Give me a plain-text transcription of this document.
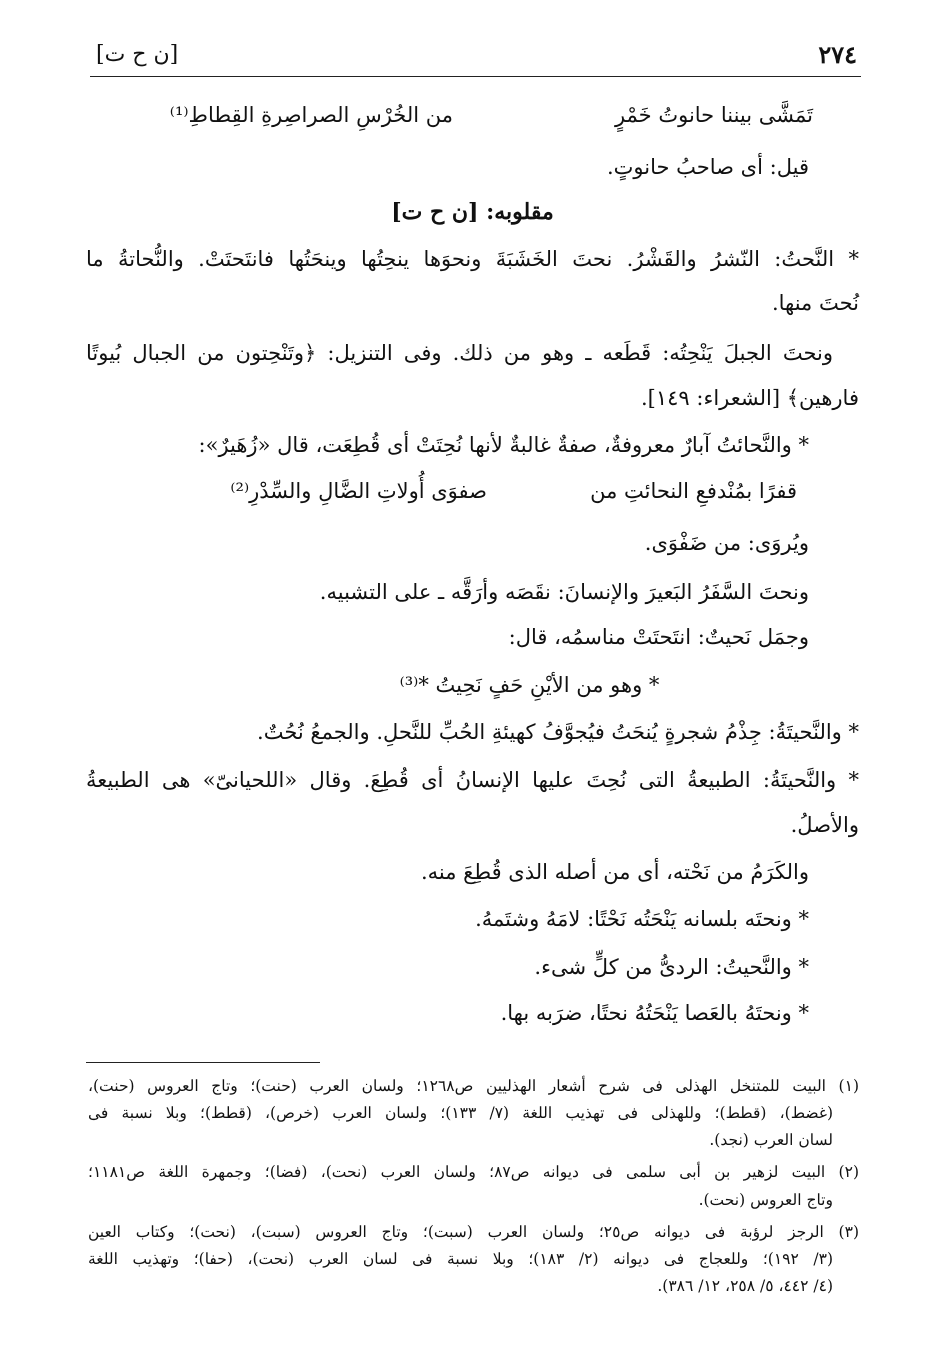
٢٧٤
[ن ح ت]
تَمَشَّى بيننا حانوتُ خَمْرٍ
من الخُرْسِ الصراصِرةِ القِطاطِ⁽¹⁾
قيل: أى صاحبُ حانوتٍ.
مقلوبه: [ن ح ت]
* النَّحتُ: النّشرُ والقَشْرُ. نحتَ الخَشَبَةَ ونحوَها ينحِتُها وينحَتُها فانتَحتَتْ. والنُّحاتةُ ما
نُحتَ منها.
ونحتَ الجبلَ يَنْحِتُه: قَطَعه ـ وهو من ذلك. وفى التنزيل: ﴿وتَنْحِتون من الجبال بُيوتًا
فارهين﴾ [الشعراء: ١٤٩].
* والنَّحائتُ آبارٌ معروفةٌ، صفةٌ غالبةٌ لأنها نُحِتَتْ أى قُطِعَت، قال «زُهَيرٌ»:
قفرًا بمُنْدفعِ النحائتِ من
صفوَى أُولاتِ الضَّالِ والسِّدْرِ⁽²⁾
ويُروَى: من ضَفْوَى.
ونحتَ السَّفَرُ البَعيرَ والإنسانَ: نقَصَه وأرَقَّه ـ على التشبيه.
وجمَل نَحيتٌ: انتَحتَتْ مناسمُه، قال:
* وهو من الأيْنِ حَفٍ نَحِيتُ *⁽³⁾
* والنَّحيتَةُ: جِذْمُ شجرةٍ يُنحَتُ فيُجوَّفُ كهيئةِ الحُبِّ للنَّحلِ. والجمعُ نُحُتٌ.
* والنَّحيتَةُ: الطبيعةُ التى نُحِتَ عليها الإنسانُ أى قُطِعَ. وقال «اللحيانىّ» هى الطبيعةُ
والأصلُ.
والكَرَمُ من نَحْته، أى من أصله الذى قُطِعَ منه.
* ونحتَه بلسانه يَنْحَتُه نَحْتًا: لامَهُ وشتَمهُ.
* والنَّحيتُ: الردىُّ من كلٍّ شىء.
* ونحتَهُ بالعَصا يَنْحَتُهُ نحتًا، ضرَبه بها.
(١) البيت للمتنخل الهذلى فى شرح أشعار الهذليين ص١٢٦٨؛ ولسان العرب (حنت)؛ وتاج العروس (حنت)،
(غضط)، (قطط)؛ وللهذلى فى تهذيب اللغة (٧/ ١٣٣)؛ ولسان العرب (خرص)، (قطط)؛ وبلا نسبة فى
لسان العرب (نجد).
(٢) البيت لزهير بن أبى سلمى فى ديوانه ص٨٧؛ ولسان العرب (نحت)، (فضا)؛ وجمهرة اللغة ص١١٨١؛
وتاج العروس (نحت).
(٣) الرجز لرؤبة فى ديوانه ص٢٥؛ ولسان العرب (سبت)؛ وتاج العروس (سبت)، (نحت)؛ وكتاب العين
(٣/ ١٩٢)؛ وللعجاج فى ديوانه (٢/ ١٨٣)؛ وبلا نسبة فى لسان العرب (نحت)، (حفا)؛ وتهذيب اللغة
(٤/ ٤٤٢، ٥/ ٢٥٨، ١٢/ ٣٨٦).
